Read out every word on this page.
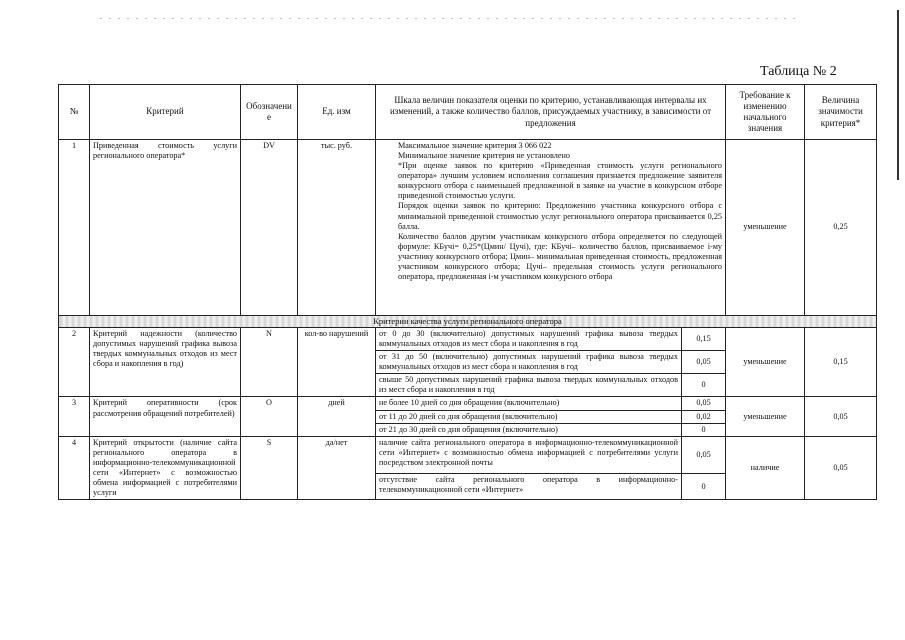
Таблица № 2
№	Критерий	Обозначени е	Ед. изм	Шкала величин показателя оценки по критерию, устанавливающая интервалы их изменений, а также количество баллов, присуждаемых участнику, в зависимости от предложения		Требование к изменению начального значения	Величина значимости критерия*
1	Приведенная стоимость услуги регионального оператора*	DV	тыс. руб.	Максимальное значение критерия 3 066 022

Минимальное значение критерия не установлено

*При оценке заявок по критерию «Приведенная стоимость услуги регионального оператора» лучшим условием исполнения соглашения признается предложение заявителя конкурсного отбора с наименьшей предложенной в заявке на участие в конкурсном отборе приведенной стоимостью услуги.

Порядок оценки заявок по критерию: Предложению участника конкурсного отбора с минимальной приведенной стоимостью услуг регионального оператора присваивается 0,25 балла.

Количество баллов другим участникам конкурсного отбора определяется по следующей формуле: КБучi= 0,25*(Цмин/ Цучi), где: КБучi– количество баллов, присваиваемое i-му участнику конкурсного отбора; Цмин– минимальная приведенная стоимость, предложенная участником конкурсного отбора; Цучi– предельная стоимость услуги регионального оператора, предложенная i-м участником конкурсного отбора		уменьшение	0,25
Критерии качества услуги регионального оператора							
2	Критерий надежности (количество допустимых нарушений графика вывоза твердых коммунальных отходов из мест сбора и накопления в год)	N	кол-во нарушений	от 0 до 30 (включительно) допустимых нарушений графика вывоза твердых коммунальных отходов из мест сбора и накопления в год	0,15	уменьшение	0,15
				от 31 до 50 (включительно) допустимых нарушений графика вывоза твердых коммунальных отходов из мест сбора и накопления в год	0,05		
				свыше 50 допустимых нарушений графика вывоза твердых коммунальных отходов из мест сбора и накопления в год	0		
3	Критерий оперативности (срок рассмотрения обращений потребителей)	О	дней	не более 10 дней со дня обращения (включительно)	0,05	уменьшение	0,05
				от 11 до 20 дней со дня обращения (включительно)	0,02		
				от 21 до 30 дней со дня обращения (включительно)	0		
4	Критерий открытости (наличие сайта регионального оператора в информационно-телекоммуникационной сети «Интернет» с возможностью обмена информацией с потребителями услуги	S	да/нет	наличие сайта регионального оператора в информационно-телекоммуникационной сети «Интернет» с возможностью обмена информацией с потребителями услуги посредством электронной почты	0,05	наличие	0,05
				отсутствие сайта регионального оператора в информационно-телекоммуникационной сети «Интернет»	0		
